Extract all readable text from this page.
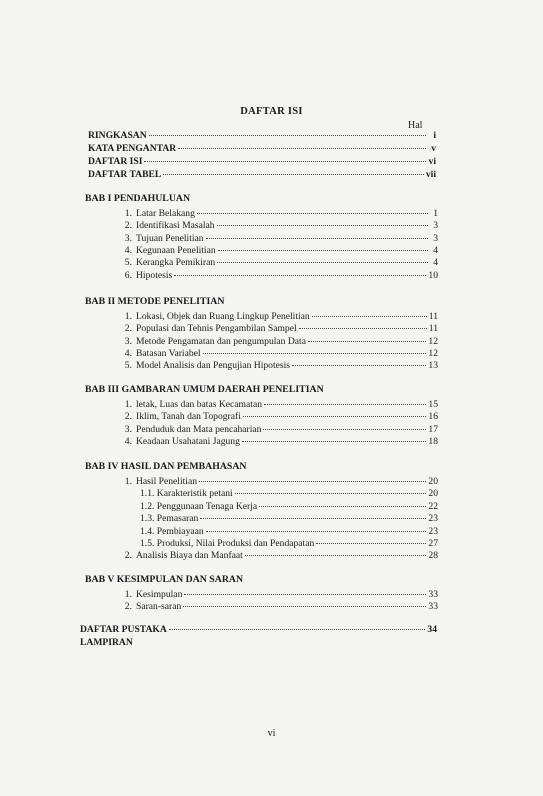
DAFTAR ISI
Hal
RINGKASAN	i
KATA PENGANTAR	v
DAFTAR ISI	vi
DAFTAR TABEL	vii
BAB I PENDAHULUAN
1. Latar Belakang	1
2. Identifikasi Masalah	3
3. Tujuan Penelitian	3
4. Kegunaan Penelitian	4
5. Kerangka Pemikiran	4
6. Hipotesis	10
BAB II METODE PENELITIAN
1. Lokasi, Objek dan Ruang Lingkup Penelitian	11
2. Populasi dan Tehnis Pengambilan Sampel	11
3. Metode Pengamatan dan pengumpulan Data	12
4. Batasan Variabel	12
5. Model Analisis dan Pengujian Hipotesis	13
BAB III GAMBARAN UMUM DAERAH PENELITIAN
1. letak, Luas dan batas Kecamatan	15
2. Iklim, Tanah dan Topografi	16
3. Penduduk dan Mata pencaharian	17
4. Keadaan Usahatani Jagung	18
BAB IV HASIL DAN PEMBAHASAN
1. Hasil Penelitian	20
1.1. Karakteristik petani	20
1.2. Penggunaan Tenaga Kerja	22
1.3. Pemasaran	23
1.4. Pembiayaan	23
1.5. Produksi, Nilai Produksi dan Pendapatan	27
2. Analisis Biaya dan Manfaat	28
BAB V KESIMPULAN DAN SARAN
1. Kesimpulan	33
2. Saran-saran	33
DAFTAR PUSTAKA	34
LAMPIRAN
vi
